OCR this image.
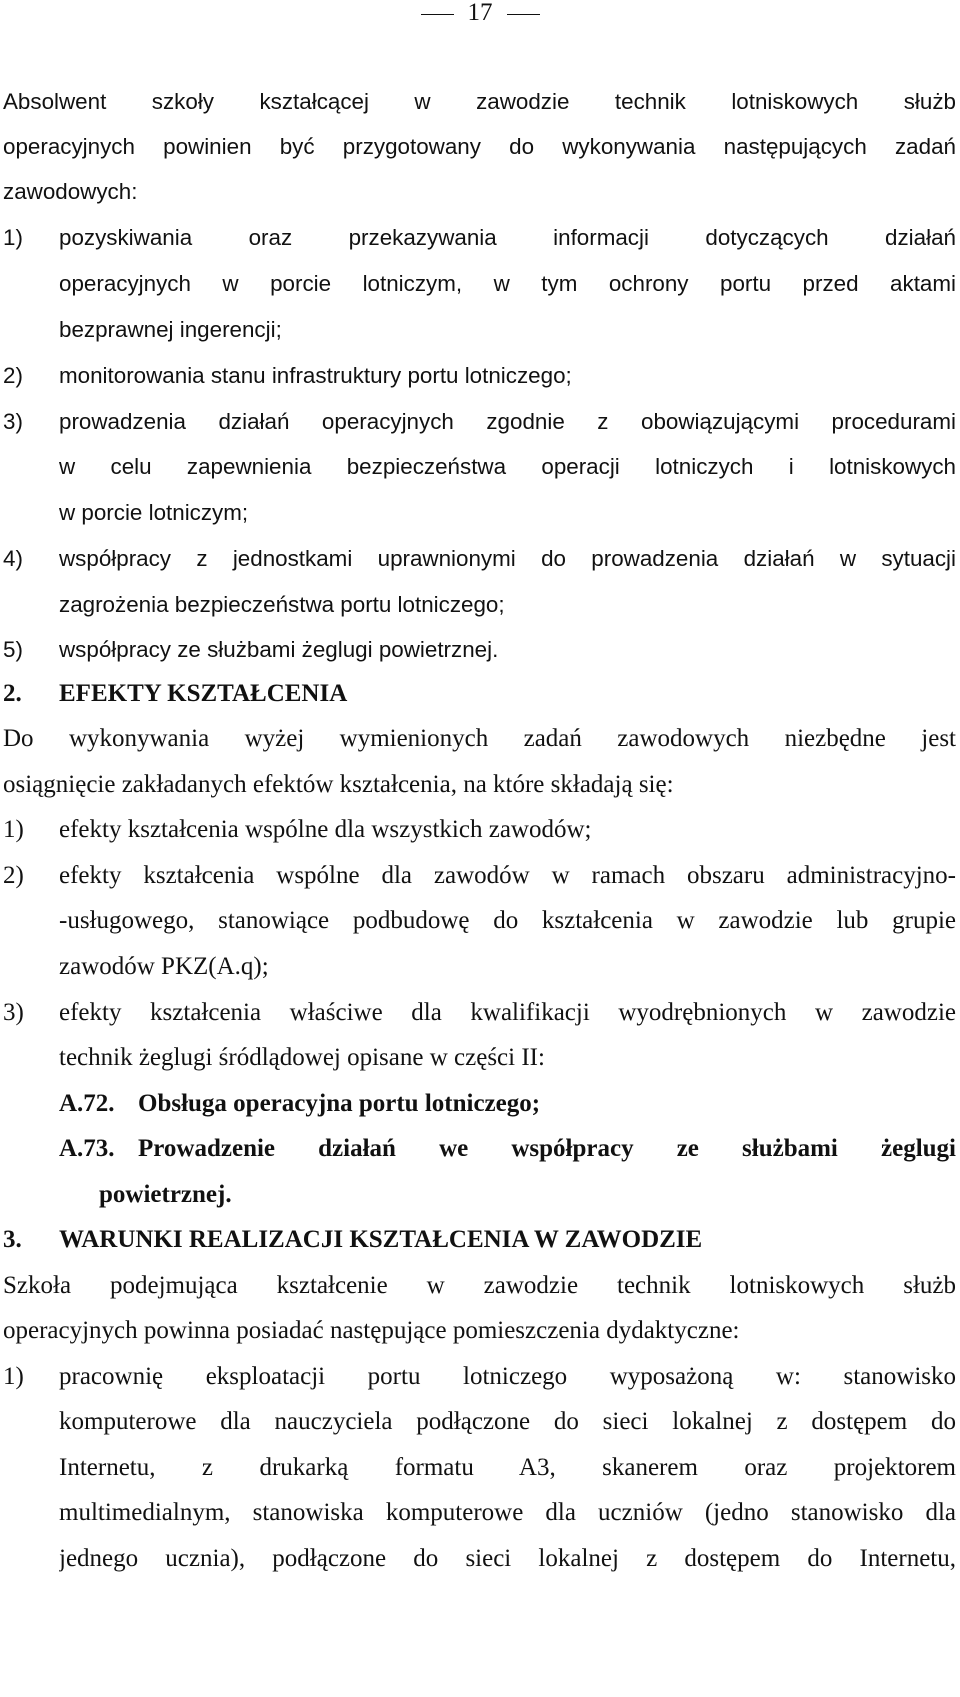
17
Absolwent szkoły kształcącej w zawodzie technik lotniskowych służb
operacyjnych powinien być przygotowany do wykonywania następujących zadań
zawodowych:
1) pozyskiwania oraz przekazywania informacji dotyczących działań
operacyjnych w porcie lotniczym, w tym ochrony portu przed aktami
bezprawnej ingerencji;
2) monitorowania stanu infrastruktury portu lotniczego;
3) prowadzenia działań operacyjnych zgodnie z obowiązującymi procedurami
w celu zapewnienia bezpieczeństwa operacji lotniczych i lotniskowych
w porcie lotniczym;
4) współpracy z jednostkami uprawnionymi do prowadzenia działań w sytuacji
zagrożenia bezpieczeństwa portu lotniczego;
5) współpracy ze służbami żeglugi powietrznej.
2. EFEKTY KSZTAŁCENIA
Do wykonywania wyżej wymienionych zadań zawodowych niezbędne jest
osiągnięcie zakładanych efektów kształcenia, na które składają się:
1) efekty kształcenia wspólne dla wszystkich zawodów;
2) efekty kształcenia wspólne dla zawodów w ramach obszaru administracyjno-
-usługowego, stanowiące podbudowę do kształcenia w zawodzie lub grupie
zawodów PKZ(A.q);
3) efekty kształcenia właściwe dla kwalifikacji wyodrębnionych w zawodzie
technik żeglugi śródlądowej opisane w części II:
A.72. Obsługa operacyjna portu lotniczego;
A.73. Prowadzenie działań we współpracy ze służbami żeglugi
powietrznej.
3. WARUNKI REALIZACJI KSZTAŁCENIA W ZAWODZIE
Szkoła podejmująca kształcenie w zawodzie technik lotniskowych służb
operacyjnych powinna posiadać następujące pomieszczenia dydaktyczne:
1) pracownię eksploatacji portu lotniczego wyposażoną w: stanowisko
komputerowe dla nauczyciela podłączone do sieci lokalnej z dostępem do
Internetu, z drukarką formatu A3, skanerem oraz projektorem
multimedialnym, stanowiska komputerowe dla uczniów (jedno stanowisko dla
jednego ucznia), podłączone do sieci lokalnej z dostępem do Internetu,
